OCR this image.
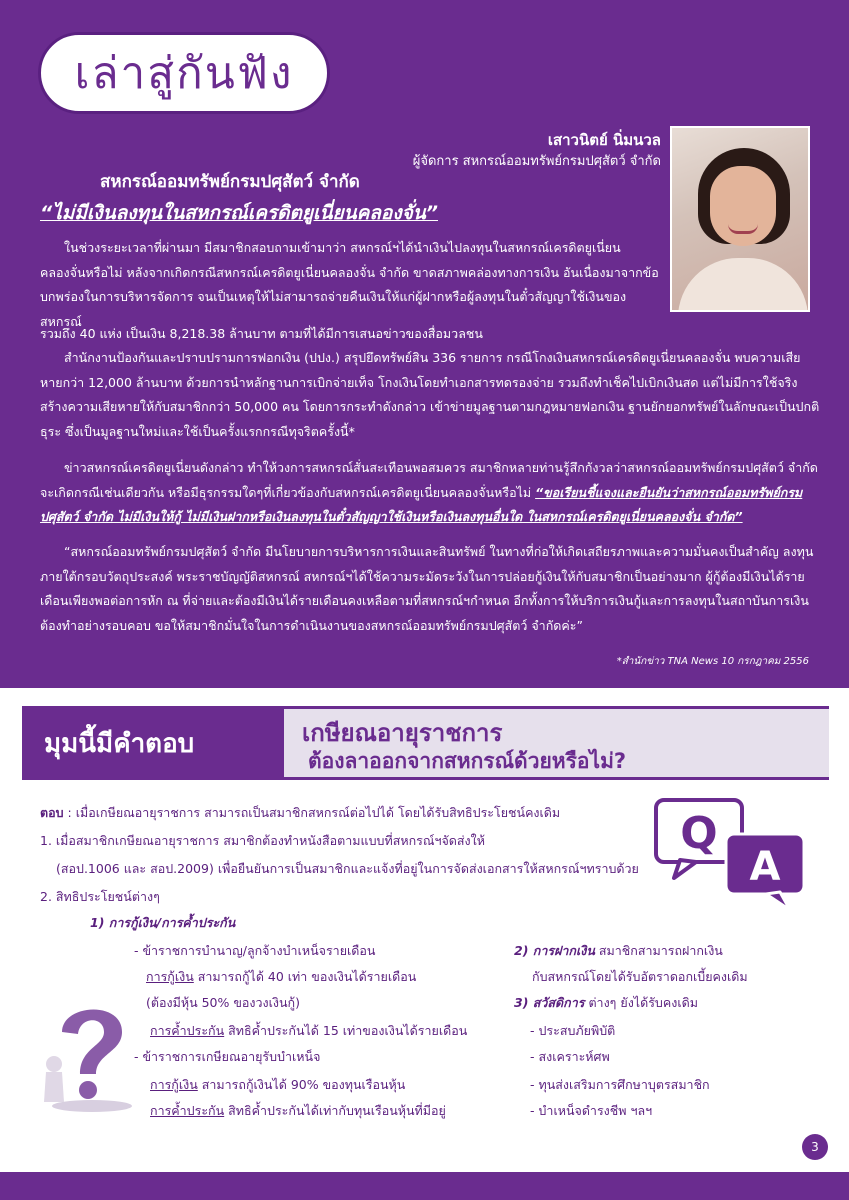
เล่าสู่กันฟัง
เสาวนิตย์ นิ่มนวล
ผู้จัดการ สหกรณ์ออมทรัพย์กรมปศุสัตว์ จำกัด
สหกรณ์ออมทรัพย์กรมปศุสัตว์ จำกัด
“ไม่มีเงินลงทุนในสหกรณ์เครดิตยูเนี่ยนคลองจั่น”

ในช่วงระยะเวลาที่ผ่านมา มีสมาชิกสอบถามเข้ามาว่า สหกรณ์ฯได้นำเงินไปลงทุนในสหกรณ์เครดิตยูเนี่ยนคลองจั่นหรือไม่ หลังจากเกิดกรณีสหกรณ์เครดิตยูเนี่ยนคลองจั่น จำกัด ขาดสภาพคล่องทางการเงิน อันเนื่องมาจากข้อบกพร่องในการบริหารจัดการ จนเป็นเหตุให้ไม่สามารถจ่ายคืนเงินให้แก่ผู้ฝากหรือผู้ลงทุนในตั๋วสัญญาใช้เงินของสหกรณ์

รวมถึง 40 แห่ง เป็นเงิน 8,218.38 ล้านบาท ตามที่ได้มีการเสนอข่าวของสื่อมวลชน

สำนักงานป้องกันและปราบปรามการฟอกเงิน (ปปง.) สรุปยึดทรัพย์สิน 336 รายการ กรณีโกงเงินสหกรณ์เครดิตยูเนี่ยนคลองจั่น พบความเสียหายกว่า 12,000 ล้านบาท ด้วยการนำหลักฐานการเบิกจ่ายเท็จ โกงเงินโดยทำเอกสารทดรองจ่าย รวมถึงทำเช็คไปเบิกเงินสด แต่ไม่มีการใช้จริง สร้างความเสียหายให้กับสมาชิกกว่า 50,000 คน โดยการกระทำดังกล่าว เข้าข่ายมูลฐานตามกฎหมายฟอกเงิน ฐานยักยอกทรัพย์ในลักษณะเป็นปกติธุระ ซึ่งเป็นมูลฐานใหม่และใช้เป็นครั้งแรกกรณีทุจริตครั้งนี้*

ข่าวสหกรณ์เครดิตยูเนี่ยนดังกล่าว ทำให้วงการสหกรณ์สั่นสะเทือนพอสมควร สมาชิกหลายท่านรู้สึกกังวลว่าสหกรณ์ออมทรัพย์กรมปศุสัตว์ จำกัด จะเกิดกรณีเช่นเดียวกัน หรือมีธุรกรรมใดๆที่เกี่ยวข้องกับสหกรณ์เครดิตยูเนี่ยนคลองจั่นหรือไม่ “ขอเรียนชี้แจงและยืนยันว่าสหกรณ์ออมทรัพย์กรมปศุสัตว์ จำกัด ไม่มีเงินให้กู้ ไม่มีเงินฝากหรือเงินลงทุนในตั๋วสัญญาใช้เงินหรือเงินลงทุนอื่นใด ในสหกรณ์เครดิตยูเนี่ยนคลองจั่น จำกัด”

“สหกรณ์ออมทรัพย์กรมปศุสัตว์ จำกัด มีนโยบายการบริหารการเงินและสินทรัพย์ ในทางที่ก่อให้เกิดเสถียรภาพและความมั่นคงเป็นสำคัญ ลงทุนภายใต้กรอบวัตถุประสงค์ พระราชบัญญัติสหกรณ์ สหกรณ์ฯได้ใช้ความระมัดระวังในการปล่อยกู้เงินให้กับสมาชิกเป็นอย่างมาก ผู้กู้ต้องมีเงินได้รายเดือนเพียงพอต่อการหัก ณ ที่จ่ายและต้องมีเงินได้รายเดือนคงเหลือตามที่สหกรณ์ฯกำหนด อีกทั้งการให้บริการเงินกู้และการลงทุนในสถาบันการเงินต้องทำอย่างรอบคอบ ขอให้สมาชิกมั่นใจในการดำเนินงานของสหกรณ์ออมทรัพย์กรมปศุสัตว์ จำกัดค่ะ”

*สำนักข่าว TNA News 10 กรกฎาคม 2556
มุมนี้มีคำตอบ	เกษียณอายุราชการ
ต้องลาออกจากสหกรณ์ด้วยหรือไม่?
Q
A
ตอบ : เมื่อเกษียณอายุราชการ สามารถเป็นสมาชิกสหกรณ์ต่อไปได้ โดยได้รับสิทธิประโยชน์คงเดิม
1. เมื่อสมาชิกเกษียณอายุราชการ สมาชิกต้องทำหนังสือตามแบบที่สหกรณ์ฯจัดส่งให้
(สอป.1006 และ สอป.2009) เพื่อยืนยันการเป็นสมาชิกและแจ้งที่อยู่ในการจัดส่งเอกสารให้สหกรณ์ฯทราบด้วย
2. สิทธิประโยชน์ต่างๆ
1) การกู้เงิน/การค้ำประกัน
- ข้าราชการบำนาญ/ลูกจ้างบำเหน็จรายเดือน
การกู้เงิน สามารถกู้ได้ 40 เท่า ของเงินได้รายเดือน
(ต้องมีหุ้น 50% ของวงเงินกู้)
การค้ำประกัน สิทธิค้ำประกันได้ 15 เท่าของเงินได้รายเดือน
- ข้าราชการเกษียณอายุรับบำเหน็จ
การกู้เงิน สามารถกู้เงินได้ 90% ของทุนเรือนหุ้น
การค้ำประกัน สิทธิค้ำประกันได้เท่ากับทุนเรือนหุ้นที่มีอยู่
2) การฝากเงิน สมาชิกสามารถฝากเงิน
กับสหกรณ์โดยได้รับอัตราดอกเบี้ยคงเดิม
3) สวัสดิการ ต่างๆ ยังได้รับคงเดิม
- ประสบภัยพิบัติ
- สงเคราะห์ศพ
- ทุนส่งเสริมการศึกษาบุตรสมาชิก
- บำเหน็จดำรงชีพ ฯลฯ
3
